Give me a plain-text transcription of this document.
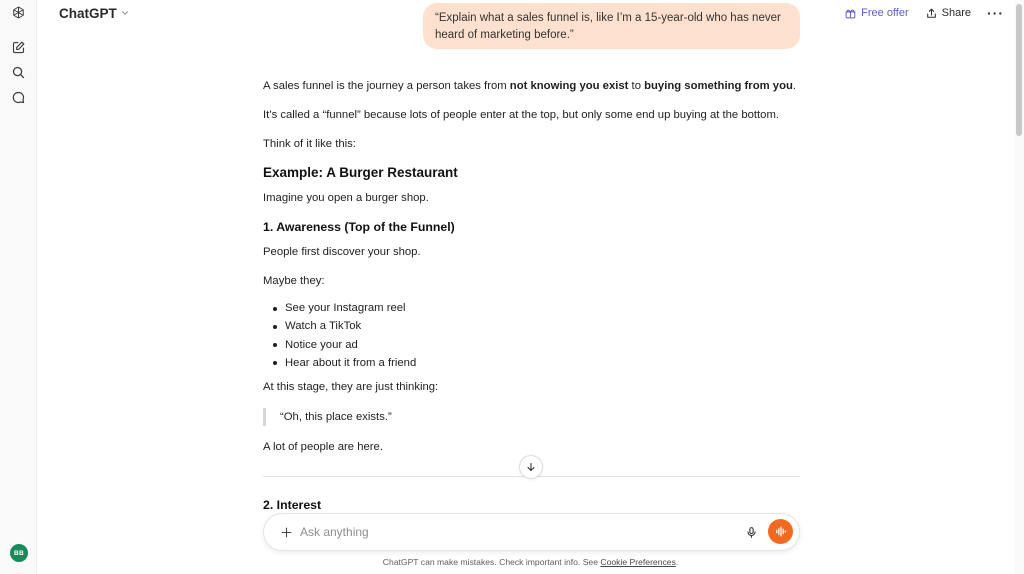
BB
ChatGPT	Free offer	Share ···
“Explain what a sales funnel is, like I’m a 15-year-old who has never heard of marketing before.”

A sales funnel is the journey a person takes from not knowing you exist to buying something from you.

It’s called a “funnel” because lots of people enter at the top, but only some end up buying at the bottom.

Think of it like this:

Example: A Burger Restaurant

Imagine you open a burger shop.

1. Awareness (Top of the Funnel)

People first discover your shop.

Maybe they:

See your Instagram reel
Watch a TikTok
Notice your ad
Hear about it from a friend

At this stage, they are just thinking:

“Oh, this place exists.”

A lot of people are here.

2. Interest
Ask anything
ChatGPT can make mistakes. Check important info. See Cookie Preferences.
